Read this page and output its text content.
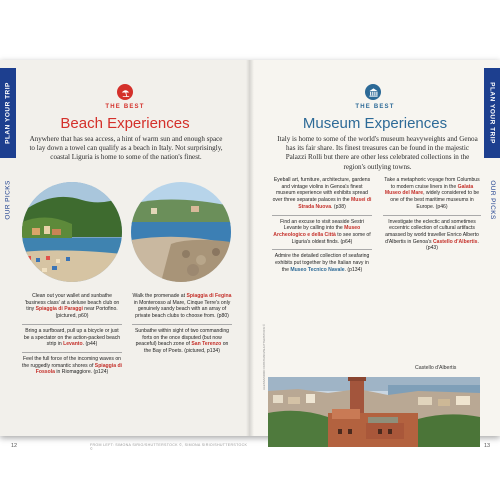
PLAN YOUR TRIP
OUR PICKS
THE BEST
Beach Experiences
Anywhere that has sea access, a hint of warm sun and enough space to lay down a towel can qualify as a beach in Italy. Not surprisingly, coastal Liguria is home to some of the nation's finest.
Clean out your wallet and sunbathe 'business class' at a deluxe beach club on tiny Spiaggia di Paraggi near Portofino. (pictured, p60)
Bring a surfboard, pull up a bicycle or just be a spectator on the action-packed beach strip in Levanto. (p44)
Feel the full force of the incoming waves on the ruggedly romantic shores of Spiaggia di Fossola in Riomaggiore. (p124)
Walk the promenade at Spiaggia di Fegina in Monterosso al Mare, Cinque Terre's only genuinely sandy beach with an array of private beach clubs to choose from. (p80)
Sunbathe within sight of two commanding forts on the once disputed (but now peaceful) beach zone of San Terenzo on the Bay of Poets. (pictured, p134)
12	FROM LEFT: SIMONA SIRIO/SHUTTERSTOCK ©, SIMONA SIRIO/SHUTTERSTOCK ©
PLAN YOUR TRIP
OUR PICKS
THE BEST
Museum Experiences
Italy is home to some of the world's museum heavyweights and Genoa has its fair share. Its finest treasures can be found in the majestic Palazzi Rolli but there are other less celebrated collections in the region's outlying towns.
Eyeball art, furniture, architecture, gardens and vintage violins in Genoa's finest museum experience with exhibits spread over three separate palaces in the Musei di Strada Nuova. (p38)
Find an excuse to visit seaside Sestri Levante by calling into the Museo Archeologico e della Città to see some of Liguria's oldest finds. (p64)
Admire the detailed collection of seafaring exhibits put together by the Italian navy in the Museo Tecnico Navale. (p134)
Take a metaphoric voyage from Columbus to modern cruise liners in the Galata Museo del Mare, widely considered to be one of the best maritime museums in Europe. (p46)
Investigate the eclectic and sometimes eccentric collection of cultural artifacts amassed by world traveller Enrico Alberto d'Albertis in Genoa's Castello d'Albertis. (p43)
Castello d'Albertis
ALESSANDRO CRISTIANO/SHUTTERSTOCK ©
13
